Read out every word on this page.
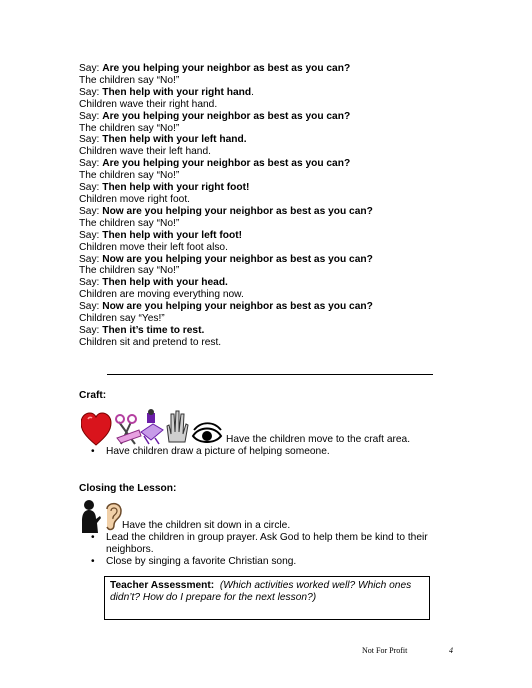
Say: Are you helping your neighbor as best as you can?
The children say “No!”
Say: Then help with your right hand.
Children wave their right hand.
Say: Are you helping your neighbor as best as you can?
The children say “No!”
Say: Then help with your left hand.
Children wave their left hand.
Say: Are you helping your neighbor as best as you can?
The children say “No!”
Say: Then help with your right foot!
Children move right foot.
Say: Now are you helping your neighbor as best as you can?
The children say “No!”
Say: Then help with your left foot!
Children move their left foot also.
Say: Now are you helping your neighbor as best as you can?
The children say “No!”
Say: Then help with your head.
Children are moving everything now.
Say: Now are you helping your neighbor as best as you can?
Children say “Yes!”
Say: Then it’s time to rest.
Children sit and pretend to rest.
Craft:
Have the children move to the craft area.
• Have children draw a picture of helping someone.
Closing the Lesson:
Have the children sit down in a circle.
• Lead the children in group prayer. Ask God to help them be kind to their neighbors.
• Close by singing a favorite Christian song.
Teacher Assessment: (Which activities worked well? Which ones didn’t? How do I prepare for the next lesson?)
Not For Profit	4
